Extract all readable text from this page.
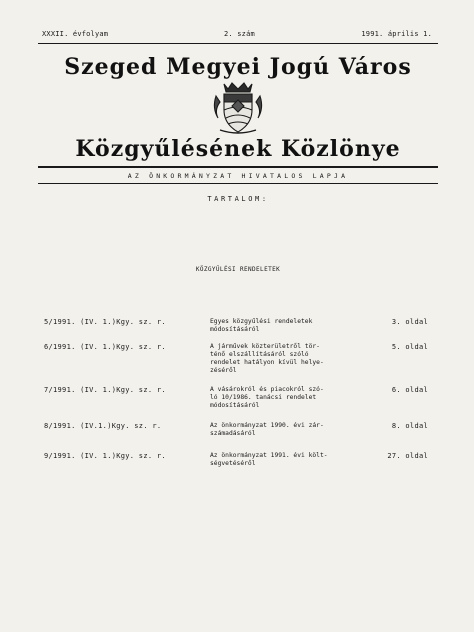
XXXII. évfolyam	2. szám	1991. április 1.
Szeged Megyei Jogú Város
Közgyűlésének Közlönye
AZ ÖNKORMÁNYZAT HIVATALOS LAPJA
TARTALOM:
KÖZGYŰLÉSI RENDELETEK
5/1991. (IV. 1.)Kgy. sz. r.	Egyes közgyűlési rendeletek
módosításáról
3. oldal
6/1991. (IV. 1.)Kgy. sz. r.	A járművek közterületről tör-
ténő elszállításáról szóló
rendelet hatályon kívül helye-
zéséről
5. oldal
7/1991. (IV. 1.)Kgy. sz. r.	A vásárokról és piacokról szó-
ló 10/1986. tanácsi rendelet
módosításáról
6. oldal
8/1991. (IV.1.)Kgy. sz. r.	Az önkormányzat 1990. évi zár-
számadásáról
8. oldal
9/1991. (IV. 1.)Kgy. sz. r.	Az önkormányzat 1991. évi költ-
ségvetéséről
27. oldal
